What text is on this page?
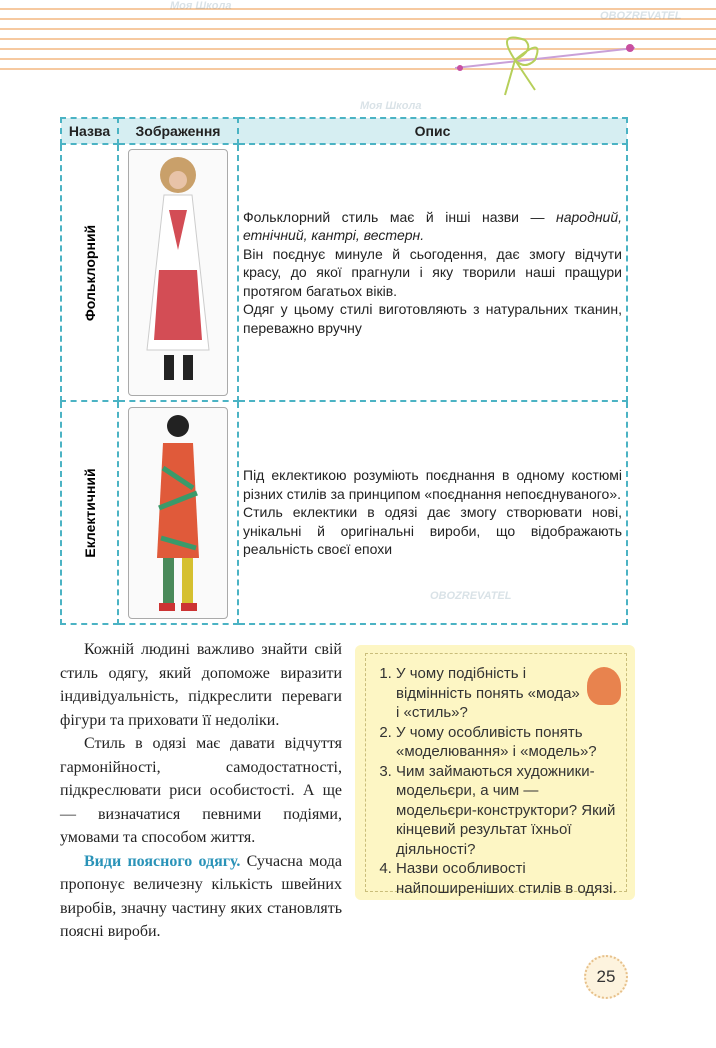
Моя Школа
OBOZREVATEL
Моя Школа
OBOZREVATEL
Назва	Зображення	Опис

Фольклорний		Фольклорний стиль має й інші назви — народний, етнічний, кантрі, вестерн.

Він поєднує минуле й сьогодення, дає змогу відчути красу, до якої прагнули і яку творили наші пращури протягом багатьох віків.

Одяг у цьому стилі виготовляють з натуральних тканин, переважно вручну

Еклектичний		Під еклектикою розуміють поєднання в одному костюмі різних стилів за принципом «поєднання непоєднуваного».

Стиль еклектики в одязі дає змогу створювати нові, унікальні й оригінальні вироби, що відображають реальність своєї епохи

Кожній людині важливо знайти свій стиль одягу, який допоможе виразити індивідуальність, підкреслити переваги фігури та приховати її недоліки.

Стиль в одязі має давати відчуття гармонійності, самодостатності, підкреслювати риси особистості. А ще — визначатися певними подіями, умовами та способом життя.

Види поясного одягу. Сучасна мода пропонує величезну кількість швейних виробів, значну частину яких становлять поясні вироби.

1. У чому подібність і відмінність понять «мода» і «стиль»?
2. У чому особливість понять «моделювання» і «модель»?
3. Чим займаються художники-модельєри, а чим — модельєри-конструктори? Який кінцевий результат їхньої діяльності?
4. Назви особливості найпоширеніших стилів в одязі.
25
